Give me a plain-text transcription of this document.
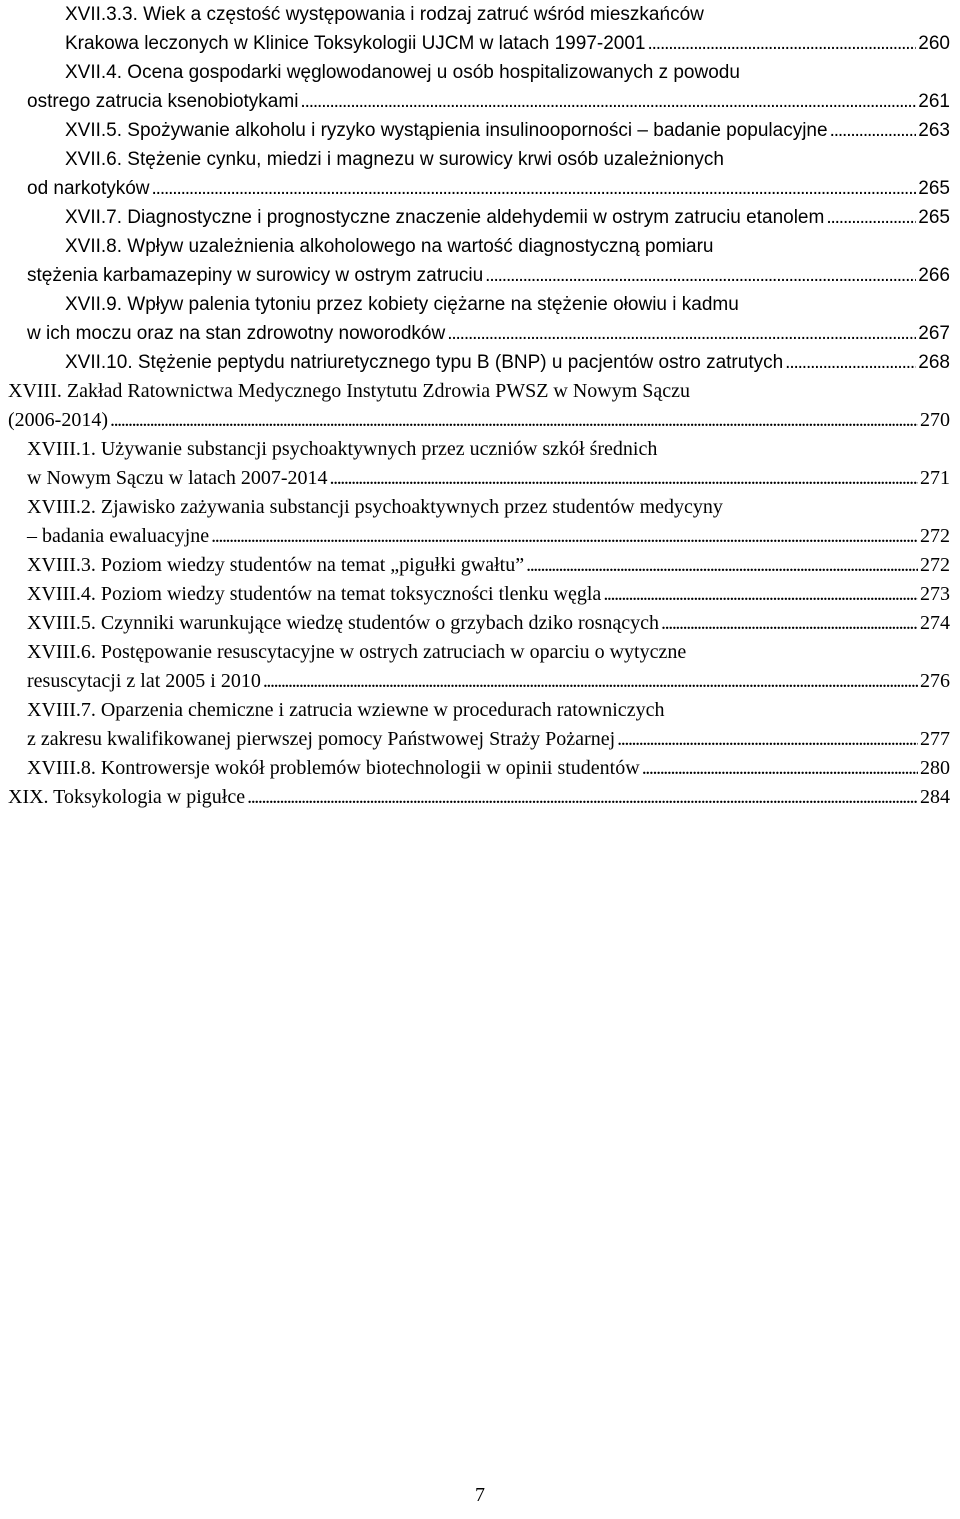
XVII.3.3. Wiek a częstość występowania i rodzaj zatruć wśród mieszkańców
Krakowa leczonych w Klinice Toksykologii UJCM w latach 1997-2001 . . .	260
XVII.4. Ocena gospodarki węglowodanowej u osób hospitalizowanych z powodu
ostrego zatrucia ksenobiotykami . . .	261
XVII.5. Spożywanie alkoholu i ryzyko wystąpienia insulinooporności – badanie populacyjne . . .	263
XVII.6. Stężenie cynku, miedzi i magnezu w surowicy krwi osób uzależnionych
od narkotyków . . .	265
XVII.7. Diagnostyczne i prognostyczne znaczenie aldehydemii w ostrym zatruciu etanolem . . .	265
XVII.8. Wpływ uzależnienia alkoholowego na wartość diagnostyczną pomiaru
stężenia karbamazepiny w surowicy w ostrym zatruciu . . .	266
XVII.9. Wpływ palenia tytoniu przez kobiety ciężarne na stężenie ołowiu i kadmu
w ich moczu oraz na stan zdrowotny noworodków . . .	267
XVII.10. Stężenie peptydu natriuretycznego typu B (BNP) u pacjentów ostro zatrutych . . .	268
XVIII. Zakład Ratownictwa Medycznego Instytutu Zdrowia PWSZ w Nowym Sączu
(2006-2014) . . .	270
XVIII.1. Używanie substancji psychoaktywnych przez uczniów szkół średnich
w Nowym Sączu w latach 2007-2014 . . .	271
XVIII.2. Zjawisko zażywania substancji psychoaktywnych przez studentów medycyny
– badania ewaluacyjne . . .	272
XVIII.3. Poziom wiedzy studentów na temat „pigułki gwałtu” . . .	272
XVIII.4. Poziom wiedzy studentów na temat toksyczności tlenku węgla . . .	273
XVIII.5. Czynniki warunkujące wiedzę studentów o grzybach dziko rosnących . . .	274
XVIII.6. Postępowanie resuscytacyjne w ostrych zatruciach w oparciu o wytyczne
resuscytacji z lat 2005 i 2010 . . .	276
XVIII.7. Oparzenia chemiczne i zatrucia wziewne w procedurach ratowniczych
z zakresu kwalifikowanej pierwszej pomocy Państwowej Straży Pożarnej . . .	277
XVIII.8. Kontrowersje wokół problemów biotechnologii w opinii studentów . . .	280
XIX. Toksykologia w pigułce . . .	284
7
